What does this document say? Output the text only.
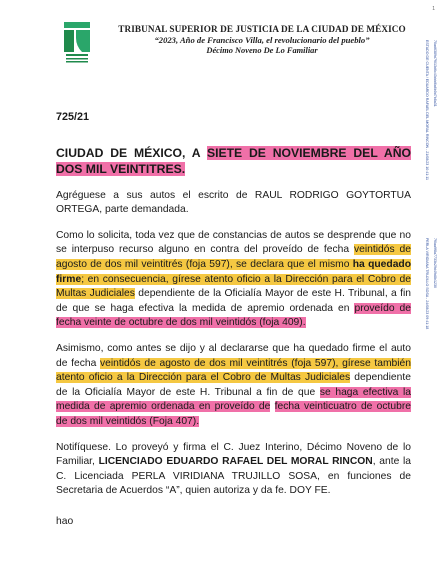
TRIBUNAL SUPERIOR DE JUSTICIA DE LA CIUDAD DE MÉXICO
“2023, Año de Francisco Villa, el revolucionario del pueblo”
Décimo Noveno De Lo Familiar
1
ESTADO DE CUENTA / EDUARDO RAFAEL DEL MORAL RINCON - 21/08/23 10:41:11	70ad6389d7f013d6c43ddd6a6b0d7b8a31
PERLA VIRIDIANA TRUJILLO SOSA - 24/08/23 09:41:18	7f0aa9f8a7733b29d49d8b1230
725/21
CIUDAD DE MÉXICO, A SIETE DE NOVIEMBRE DEL AÑO DOS MIL VEINTITRES.

Agréguese a sus autos el escrito de RAUL RODRIGO GOYTORTUA ORTEGA, parte demandada.

Como lo solicita, toda vez que de constancias de autos se desprende que no se interpuso recurso alguno en contra del proveído de fecha veintidós de agosto de dos mil veintitrés (foja 597), se declara que el mismo ha quedado firme; en consecuencia, gírese atento oficio a la Dirección para el Cobro de Multas Judiciales dependiente de la Oficialía Mayor de este H. Tribunal, a fin de que se haga efectiva la medida de apremio ordenada en proveído de fecha veinte de octubre de dos mil veintidós (foja 409).

Asimismo, como antes se dijo y al declararse que ha quedado firme el auto de fecha veintidós de agosto de dos mil veintitrés (foja 597), gírese también atento oficio a la Dirección para el Cobro de Multas Judiciales dependiente de la Oficialía Mayor de este H. Tribunal a fin de que se haga efectiva la medida de apremio ordenada en proveído de fecha veinticuatro de octubre de dos mil veintidós (Foja 407).

Notifíquese. Lo proveyó y firma el C. Juez Interino, Décimo Noveno de lo Familiar, LICENCIADO EDUARDO RAFAEL DEL MORAL RINCON, ante la C. Licenciada PERLA VIRIDIANA TRUJILLO SOSA, en funciones de Secretaria de Acuerdos “A”, quien autoriza y da fe. DOY FE.

hao
